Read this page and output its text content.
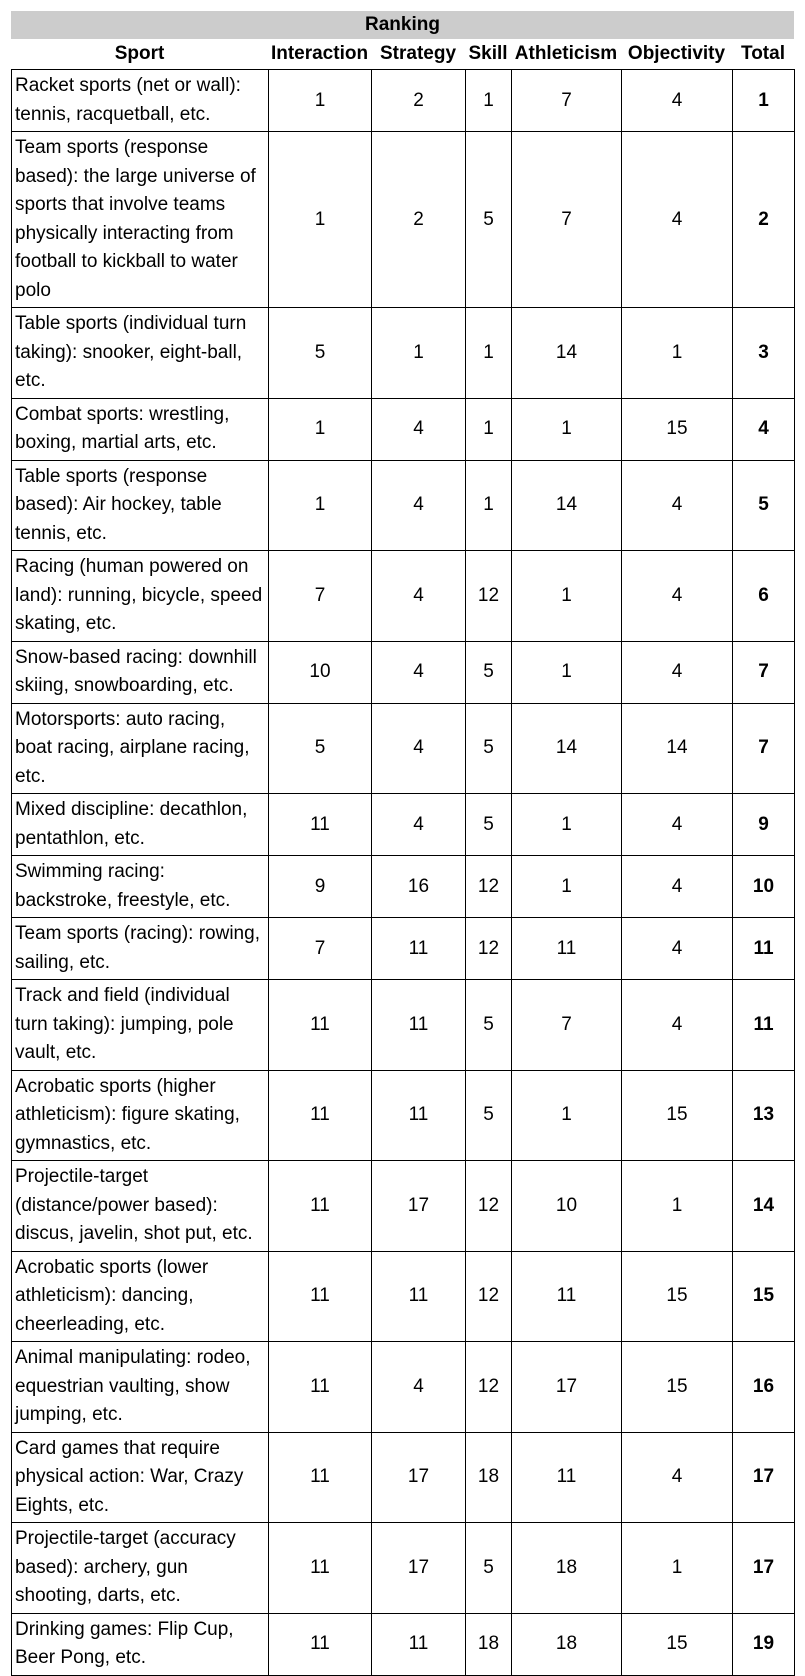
Ranking
Sport	Interaction Strategy Skill Athleticism Objectivity Total
Racket sports (net or wall): tennis, racquetball, etc.	1	2	1	7	4	1
Team sports (response based): the large universe of sports that involve teams physically interacting from football to kickball to water polo	1	2	5	7	4	2
Table sports (individual turn taking): snooker, eight-ball, etc.	5	1	1	14	1	3
Combat sports: wrestling, boxing, martial arts, etc.	1	4	1	1	15	4
Table sports (response based): Air hockey, table tennis, etc.	1	4	1	14	4	5
Racing (human powered on land): running, bicycle, speed skating, etc.	7	4	12	1	4	6
Snow-based racing: downhill skiing, snowboarding, etc.	10	4	5	1	4	7
Motorsports: auto racing, boat racing, airplane racing, etc.	5	4	5	14	14	7
Mixed discipline: decathlon, pentathlon, etc.	11	4	5	1	4	9
Swimming racing: backstroke, freestyle, etc.	9	16	12	1	4	10
Team sports (racing): rowing, sailing, etc.	7	11	12	11	4	11
Track and field (individual turn taking): jumping, pole vault, etc.	11	11	5	7	4	11
Acrobatic sports (higher athleticism): figure skating, gymnastics, etc.	11	11	5	1	15	13
Projectile-target (distance/power based): discus, javelin, shot put, etc.	11	17	12	10	1	14
Acrobatic sports (lower athleticism): dancing, cheerleading, etc.	11	11	12	11	15	15
Animal manipulating: rodeo, equestrian vaulting, show jumping, etc.	11	4	12	17	15	16
Card games that require physical action: War, Crazy Eights, etc.	11	17	18	11	4	17
Projectile-target (accuracy based): archery, gun shooting, darts, etc.	11	17	5	18	1	17
Drinking games: Flip Cup, Beer Pong, etc.	11	11	18	18	15	19
